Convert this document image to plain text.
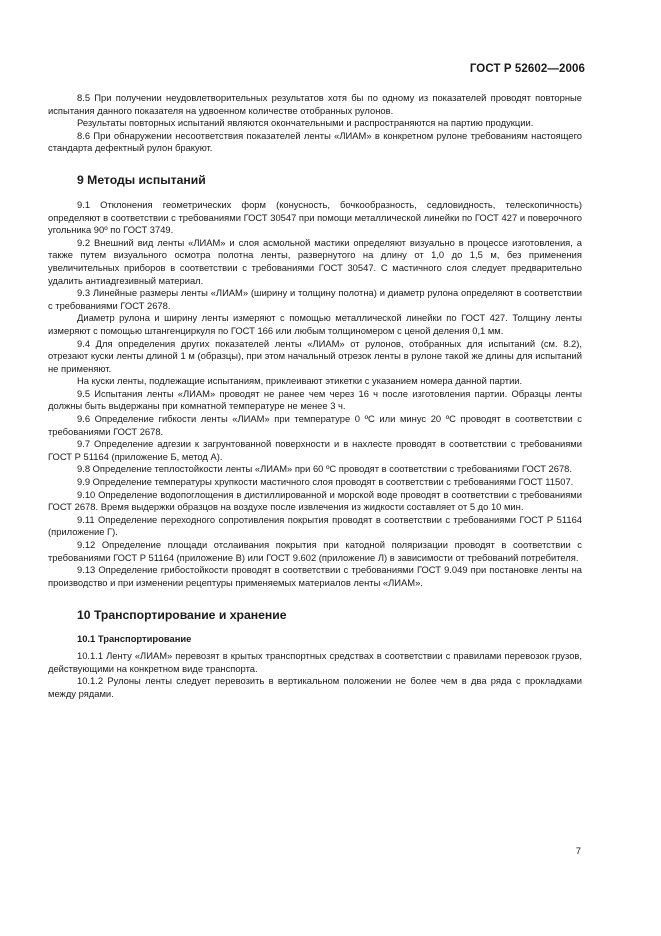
ГОСТ Р 52602—2006

8.5 При получении неудовлетворительных результатов хотя бы по одному из показателей проводят повторные испытания данного показателя на удвоенном количестве отобранных рулонов.

Результаты повторных испытаний являются окончательными и распространяются на партию продукции.

8.6 При обнаружении несоответствия показателей ленты «ЛИАМ» в конкретном рулоне требованиям настоящего стандарта дефектный рулон бракуют.

9 Методы испытаний

9.1 Отклонения геометрических форм (конусность, бочкообразность, седловидность, телескопичность) определяют в соответствии с требованиями ГОСТ 30547 при помощи металлической линейки по ГОСТ 427 и поверочного угольника 90º по ГОСТ 3749.

9.2 Внешний вид ленты «ЛИАМ» и слоя асмольной мастики определяют визуально в процессе изготовления, а также путем визуального осмотра полотна ленты, развернутого на длину от 1,0 до 1,5 м, без применения увеличительных приборов в соответствии с требованиями ГОСТ 30547. С мастичного слоя следует предварительно удалить антиадгезивный материал.

9.3 Линейные размеры ленты «ЛИАМ» (ширину и толщину полотна) и диаметр рулона определяют в соответствии с требованиями ГОСТ 2678.

Диаметр рулона и ширину ленты измеряют с помощью металлической линейки по ГОСТ 427. Толщину ленты измеряют с помощью штангенциркуля по ГОСТ 166 или любым толщиномером с ценой деления 0,1 мм.

9.4 Для определения других показателей ленты «ЛИАМ» от рулонов, отобранных для испытаний (см. 8.2), отрезают куски ленты длиной 1 м (образцы), при этом начальный отрезок ленты в рулоне такой же длины для испытаний не применяют.

На куски ленты, подлежащие испытаниям, приклеивают этикетки с указанием номера данной партии.

9.5 Испытания ленты «ЛИАМ» проводят не ранее чем через 16 ч после изготовления партии. Образцы ленты должны быть выдержаны при комнатной температуре не менее 3 ч.

9.6 Определение гибкости ленты «ЛИАМ» при температуре 0 ºС или минус 20 ºС проводят в соответствии с требованиями ГОСТ 2678.

9.7 Определение адгезии к загрунтованной поверхности и в нахлесте проводят в соответствии с требованиями ГОСТ Р 51164 (приложение Б, метод А).

9.8 Определение теплостойкости ленты «ЛИАМ» при 60 ºС проводят в соответствии с требованиями ГОСТ 2678.

9.9 Определение температуры хрупкости мастичного слоя проводят в соответствии с требованиями ГОСТ 11507.

9.10 Определение водопоглощения в дистиллированной и морской воде проводят в соответствии с требованиями ГОСТ 2678. Время выдержки образцов на воздухе после извлечения из жидкости составляет от 5 до 10 мин.

9.11 Определение переходного сопротивления покрытия проводят в соответствии с требованиями ГОСТ Р 51164 (приложение Г).

9.12 Определение площади отслаивания покрытия при катодной поляризации проводят в соответствии с требованиями ГОСТ Р 51164 (приложение В) или ГОСТ 9.602 (приложение Л) в зависимости от требований потребителя.

9.13 Определение грибостойкости проводят в соответствии с требованиями ГОСТ 9.049 при постановке ленты на производство и при изменении рецептуры применяемых материалов ленты «ЛИАМ».

10 Транспортирование и хранение
10.1 Транспортирование

10.1.1 Ленту «ЛИАМ» перевозят в крытых транспортных средствах в соответствии с правилами перевозок грузов, действующими на конкретном виде транспорта.

10.1.2 Рулоны ленты следует перевозить в вертикальном положении не более чем в два ряда с прокладками между рядами.

7
